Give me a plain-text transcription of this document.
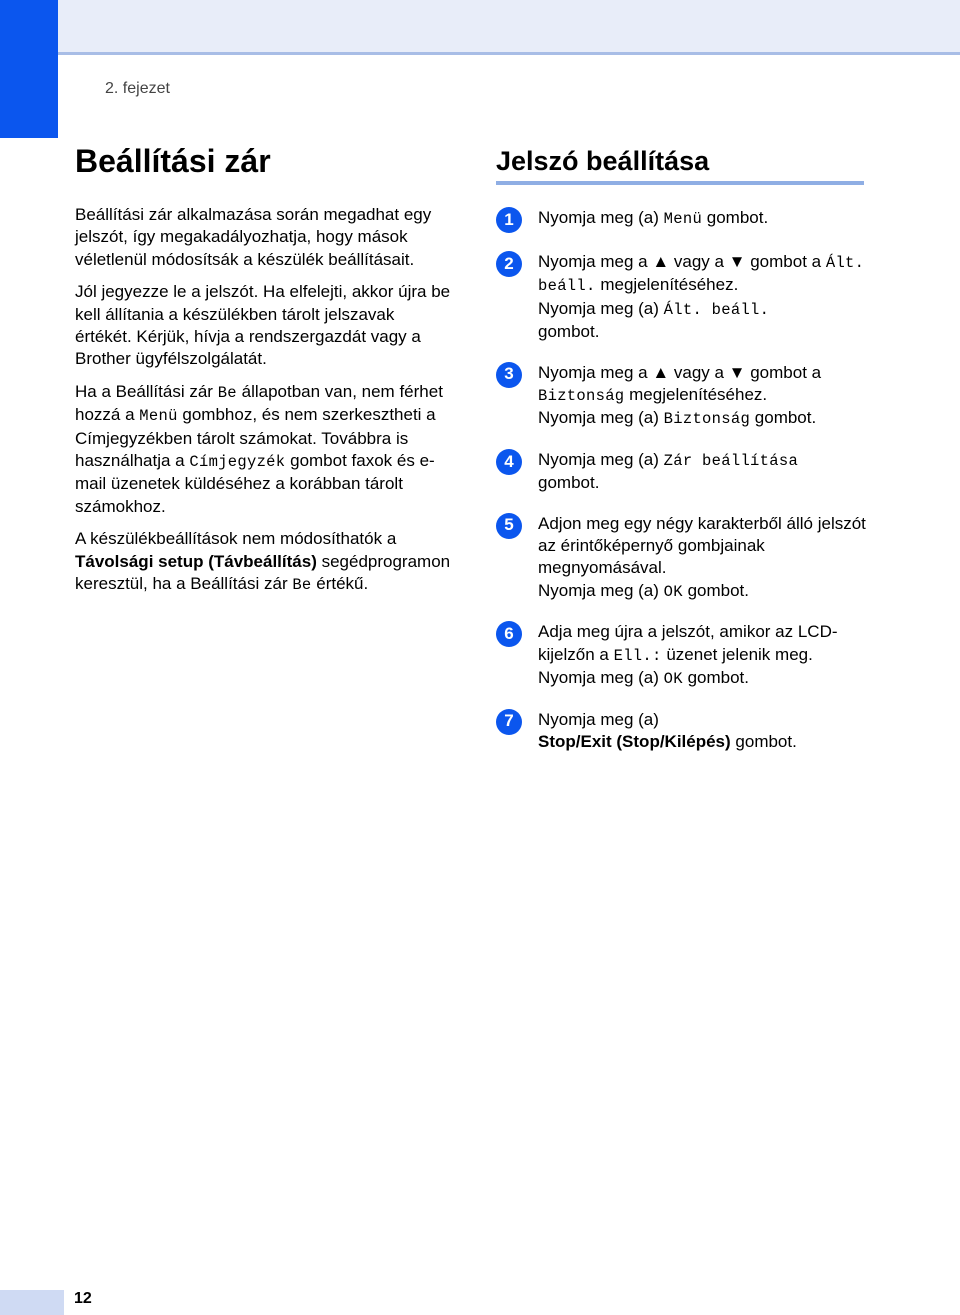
2. fejezet
Beállítási zár

Beállítási zár alkalmazása során megadhat egy jelszót, így megakadályozhatja, hogy mások véletlenül módosítsák a készülék beállításait.

Jól jegyezze le a jelszót. Ha elfelejti, akkor újra be kell állítania a készülékben tárolt jelszavak értékét. Kérjük, hívja a rendszergazdát vagy a Brother ügyfélszolgálatát.

Ha a Beállítási zár Be állapotban van, nem férhet hozzá a Menü gombhoz, és nem szerkesztheti a Címjegyzékben tárolt számokat. Továbbra is használhatja a Címjegyzék gombot faxok és e-mail üzenetek küldéséhez a korábban tárolt számokhoz.

A készülékbeállítások nem módosíthatók a Távolsági setup (Távbeállítás) segédprogramon keresztül, ha a Beállítási zár Be értékű.

Jelszó beállítása
1	Nyomja meg (a) Menü gombot.
2	Nyomja meg a ▲ vagy a ▼ gombot a Ált. beáll. megjelenítéséhez.
Nyomja meg (a) Ált. beáll.
gombot.
3	Nyomja meg a ▲ vagy a ▼ gombot a Biztonság megjelenítéséhez.
Nyomja meg (a) Biztonság gombot.
4	Nyomja meg (a) Zár beállítása
gombot.
5	Adjon meg egy négy karakterből álló jelszót az érintőképernyő gombjainak megnyomásával.
Nyomja meg (a) OK gombot.
6	Adja meg újra a jelszót, amikor az LCD-kijelzőn a Ell.: üzenet jelenik meg.
Nyomja meg (a) OK gombot.
7	Nyomja meg (a)
Stop/Exit (Stop/Kilépés) gombot.
12
